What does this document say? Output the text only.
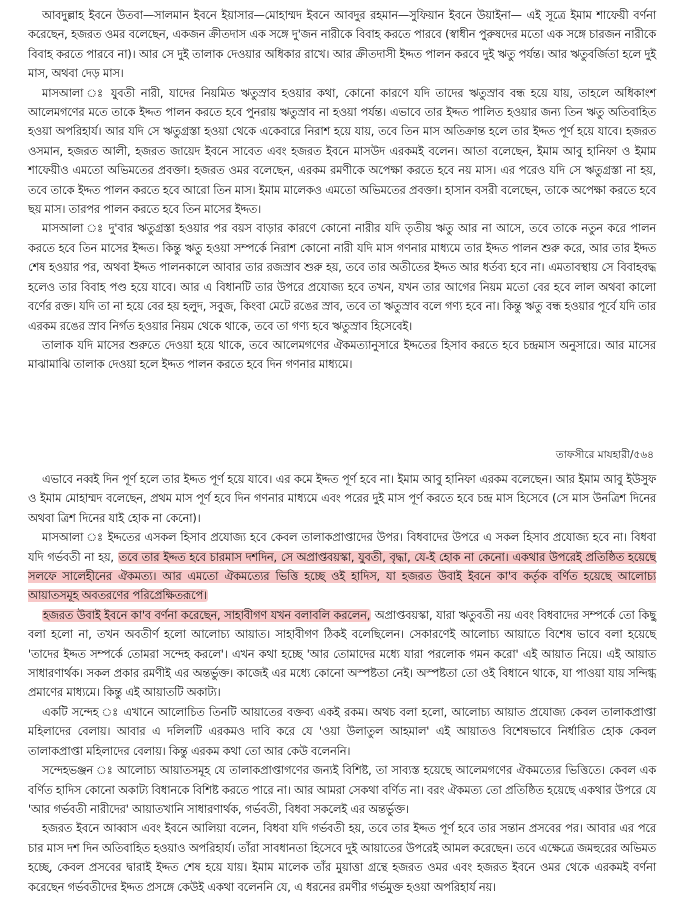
আবদুল্লাহ ইবনে উতবা—সালমান ইবনে ইয়াসার—মোহাম্মদ ইবনে আবদুর রহমান—সুফিয়ান ইবনে উয়াইনা— এই সূত্রে ইমাম শাফেয়ী বর্ণনা করেছেন, হজরত ওমর বলেছেন, একজন ক্রীতদাস এক সঙ্গে দু'জন নারীকে বিবাহ করতে পারবে (স্বাধীন পুরুষদের মতো এক সঙ্গে চারজন নারীকে বিবাহ করতে পারবে না)। আর সে দুই তালাক দেওয়ার অধিকার রাখে। আর ক্রীতদাসী ইদ্দত পালন করবে দুই ঋতু পর্যন্ত। আর ঋতুবর্জিতা হলে দুই মাস, অথবা দেড় মাস।

মাসআলা ঃ যুবতী নারী, যাদের নিয়মিত ঋতুস্রাব হওয়ার কথা, কোনো কারণে যদি তাদের ঋতুস্রাব বন্ধ হয়ে যায়, তাহলে অধিকাংশ আলেমগণের মতে তাকে ইদ্দত পালন করতে হবে পুনরায় ঋতুস্রাব না হওয়া পর্যন্ত। এভাবে তার ইদ্দত পালিত হওয়ার জন্য তিন ঋতু অতিবাহিত হওয়া অপরিহার্য। আর যদি সে ঋতুগ্রস্তা হওয়া থেকে একেবারে নিরাশ হয়ে যায়, তবে তিন মাস অতিক্রান্ত হলে তার ইদ্দত পূর্ণ হয়ে যাবে। হজরত ওসমান, হজরত আলী, হজরত জায়েদ ইবনে সাবেত এবং হজরত ইবনে মাসউদ এরকমই বলেন। আতা বলেছেন, ইমাম আবু হানিফা ও ইমাম শাফেয়ীও এমতো অভিমতের প্রবক্তা। হজরত ওমর বলেছেন, এরকম রমণীকে অপেক্ষা করতে হবে নয় মাস। এর পরেও যদি সে ঋতুগ্রস্তা না হয়, তবে তাকে ইদ্দত পালন করতে হবে আরো তিন মাস। ইমাম মালেকও এমতো অভিমতের প্রবক্তা। হাসান বসরী বলেছেন, তাকে অপেক্ষা করতে হবে ছয় মাস। তারপর পালন করতে হবে তিন মাসের ইদ্দত।

মাসআলা ঃ দু'বার ঋতুগ্রস্তা হওয়ার পর বয়স বাড়ার কারণে কোনো নারীর যদি তৃতীয় ঋতু আর না আসে, তবে তাকে নতুন করে পালন করতে হবে তিন মাসের ইদ্দত। কিন্তু ঋতু হওয়া সম্পর্কে নিরাশ কোনো নারী যদি মাস গণনার মাধ্যমে তার ইদ্দত পালন শুরু করে, আর তার ইদ্দত শেষ হওয়ার পর, অথবা ইদ্দত পালনকালে আবার তার রজস্রাব শুরু হয়, তবে তার অতীতের ইদ্দত আর ধর্তব্য হবে না। এমতাবস্থায় সে বিবাহবদ্ধ হলেও তার বিবাহ পণ্ড হয়ে যাবে। আর এ বিধানটি তার উপরে প্রযোজ্য হবে তখন, যখন তার আগের নিয়ম মতো বের হবে লাল অথবা কালো বর্ণের রক্ত। যদি তা না হয়ে বের হয় হলুদ, সবুজ, কিংবা মেটে রঙের স্রাব, তবে তা ঋতুস্রাব বলে গণ্য হবে না। কিন্তু ঋতু বন্ধ হওয়ার পূর্বে যদি তার এরকম রঙের স্রাব নির্গত হওয়ার নিয়ম থেকে থাকে, তবে তা গণ্য হবে ঋতুস্রাব হিসেবেই।

তালাক যদি মাসের শুরুতে দেওয়া হয়ে থাকে, তবে আলেমগণের ঐকমত্যানুসারে ইদ্দতের হিসাব করতে হবে চন্দ্রমাস অনুসারে। আর মাসের মাঝামাঝি তালাক দেওয়া হলে ইদ্দত পালন করতে হবে দিন গণনার মাধ্যমে।

তাফসীরে মাযহারী/৫৬৪

এভাবে নব্বই দিন পূর্ণ হলে তার ইদ্দত পূর্ণ হয়ে যাবে। এর কমে ইদ্দত পূর্ণ হবে না। ইমাম আবু হানিফা এরকম বলেছেন। আর ইমাম আবু ইউসুফ ও ইমাম মোহাম্মদ বলেছেন, প্রথম মাস পূর্ণ হবে দিন গণনার মাধ্যমে এবং পরের দুই মাস পূর্ণ করতে হবে চন্দ্র মাস হিসেবে (সে মাস উনত্রিশ দিনের অথবা ত্রিশ দিনের যাই হোক না কেনো)।

মাসআলা ঃ ইদ্দতের এসকল হিসাব প্রযোজ্য হবে কেবল তালাকপ্রাপ্তাদের উপর। বিধবাদের উপরে এ সকল হিসাব প্রযোজ্য হবে না। বিধবা যদি গর্ভবতী না হয়, তবে তার ইদ্দত হবে চারমাস দশদিন, সে অপ্রাপ্তবয়স্কা, যুবতী, বৃদ্ধা, যে-ই হোক না কেনো। একথার উপরেই প্রতিষ্ঠিত হয়েছে সলফে সালেহীনের ঐকমত্য। আর এমতো ঐকমত্যের ভিত্তি হচ্ছে ওই হাদিস, যা হজরত উবাই ইবনে কা'ব কর্তৃক বর্ণিত হয়েছে আলোচ্য আয়াতসমূহ অবতরণের পরিপ্রেক্ষিতরূপে।

হজরত উবাই ইবনে কা'ব বর্ণনা করেছেন, সাহাবীগণ যখন বলাবলি করলেন, অপ্রাপ্তবয়স্কা, যারা ঋতুবতী নয় এবং বিধবাদের সম্পর্কে তো কিছু বলা হলো না, তখন অবতীর্ণ হলো আলোচ্য আয়াত। সাহাবীগণ ঠিকই বলেছিলেন। সেকারণেই আলোচ্য আয়াতে বিশেষ ভাবে বলা হয়েছে 'তাদের ইদ্দত সম্পর্কে তোমরা সন্দেহ করলে'। এখন কথা হচ্ছে 'আর তোমাদের মধ্যে যারা পরলোক গমন করো' এই আয়াত নিয়ে। এই আয়াত সাধারণার্থক। সকল প্রকার রমণীই এর অন্তর্ভুক্ত। কাজেই এর মধ্যে কোনো অস্পষ্টতা নেই। অস্পষ্টতা তো ওই বিধানে থাকে, যা পাওয়া যায় সন্দিগ্ধ প্রমাণের মাধ্যমে। কিন্তু এই আয়াতটি অকাট্য।

একটি সন্দেহ ঃ এখানে আলোচিত তিনটি আয়াতের বক্তব্য একই রকম। অথচ বলা হলো, আলোচ্য আয়াত প্রযোজ্য কেবল তালাকপ্রাপ্তা মহিলাদের বেলায়। আবার এ দলিলটি এরকমও দাবি করে যে 'ওয়া উলাতুল আহমাল' এই আয়াতও বিশেষভাবে নির্ধারিত হোক কেবল তালাকপ্রাপ্তা মহিলাদের বেলায়। কিন্তু এরকম কথা তো আর কেউ বলেননি।

সন্দেহভঞ্জন ঃ আলোচ্য আয়াতসমূহ যে তালাকপ্রাপ্তাগণের জন্যই বিশিষ্ট, তা সাব্যস্ত হয়েছে আলেমগণের ঐকমত্যের ভিত্তিতে। কেবল এক বর্ণিত হাদিস কোনো অকাট্য বিধানকে বিশিষ্ট করতে পারে না। আর আমরা সেকথা বর্ণিত না। বরং ঐকমত্য তো প্রতিষ্ঠিত হয়েছে একথার উপরে যে 'আর গর্ভবতী নারীদের' আয়াতখানি সাধারণার্থক, গর্ভবতী, বিধবা সকলেই এর অন্তর্ভুক্ত।

হজরত ইবনে আব্বাস এবং ইবনে আলিয়া বলেন, বিধবা যদি গর্ভবতী হয়, তবে তার ইদ্দত পূর্ণ হবে তার সন্তান প্রসবের পর। আবার এর পরে চার মাস দশ দিন অতিবাহিত হওয়াও অপরিহার্য। তাঁরা সাবধানতা হিসেবে দুই আয়াতের উপরেই আমল করেছেন। তবে এক্ষেত্রে জমহুরের অভিমত হচ্ছে, কেবল প্রসবের দ্বারাই ইদ্দত শেষ হয়ে যায়। ইমাম মালেক তাঁর মুয়াত্তা গ্রন্থে হজরত ওমর এবং হজরত ইবনে ওমর থেকে এরকমই বর্ণনা করেছেন গর্ভবতীদের ইদ্দত প্রসঙ্গে কেউই একথা বলেননি যে, এ ধরনের রমণীর গর্ভমুক্ত হওয়া অপরিহার্য নয়।
